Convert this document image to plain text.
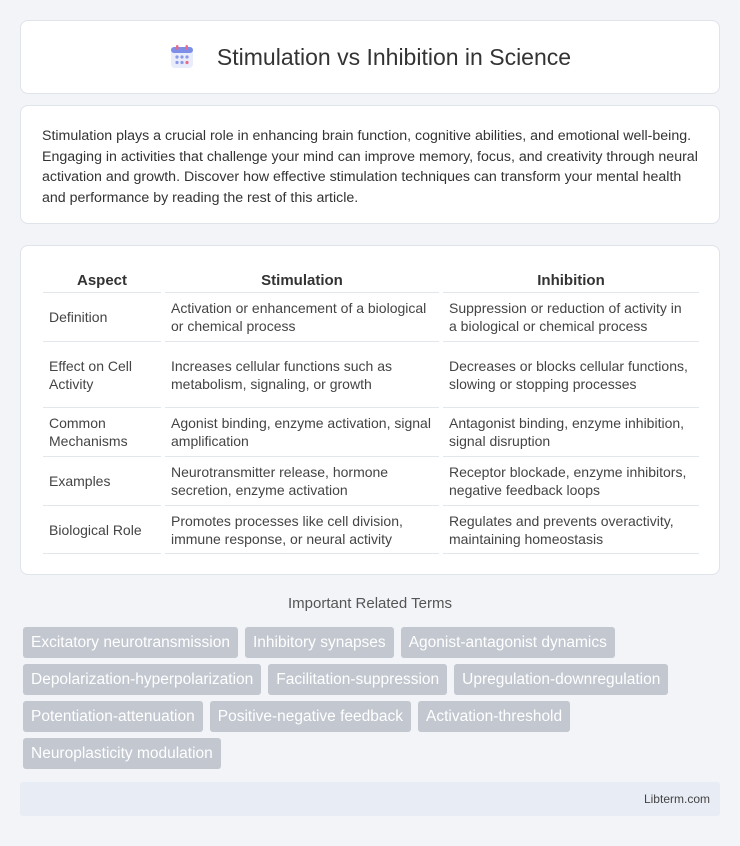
Stimulation vs Inhibition in Science

Stimulation plays a crucial role in enhancing brain function, cognitive abilities, and emotional well-being. Engaging in activities that challenge your mind can improve memory, focus, and creativity through neural activation and growth. Discover how effective stimulation techniques can transform your mental health and performance by reading the rest of this article.

Aspect		Stimulation		Inhibition
Definition		Activation or enhancement of a biological or chemical process		Suppression or reduction of activity in a biological or chemical process
Effect on Cell Activity		Increases cellular functions such as metabolism, signaling, or growth		Decreases or blocks cellular functions, slowing or stopping processes
Common Mechanisms		Agonist binding, enzyme activation, signal amplification		Antagonist binding, enzyme inhibition, signal disruption
Examples		Neurotransmitter release, hormone secretion, enzyme activation		Receptor blockade, enzyme inhibitors, negative feedback loops
Biological Role		Promotes processes like cell division, immune response, or neural activity		Regulates and prevents overactivity, maintaining homeostasis
Important Related Terms
Excitatory neurotransmission	Inhibitory synapses	Agonist-antagonist dynamics
Depolarization-hyperpolarization	Facilitation-suppression	Upregulation-downregulation
Potentiation-attenuation	Positive-negative feedback	Activation-threshold
Neuroplasticity modulation
Libterm.com
